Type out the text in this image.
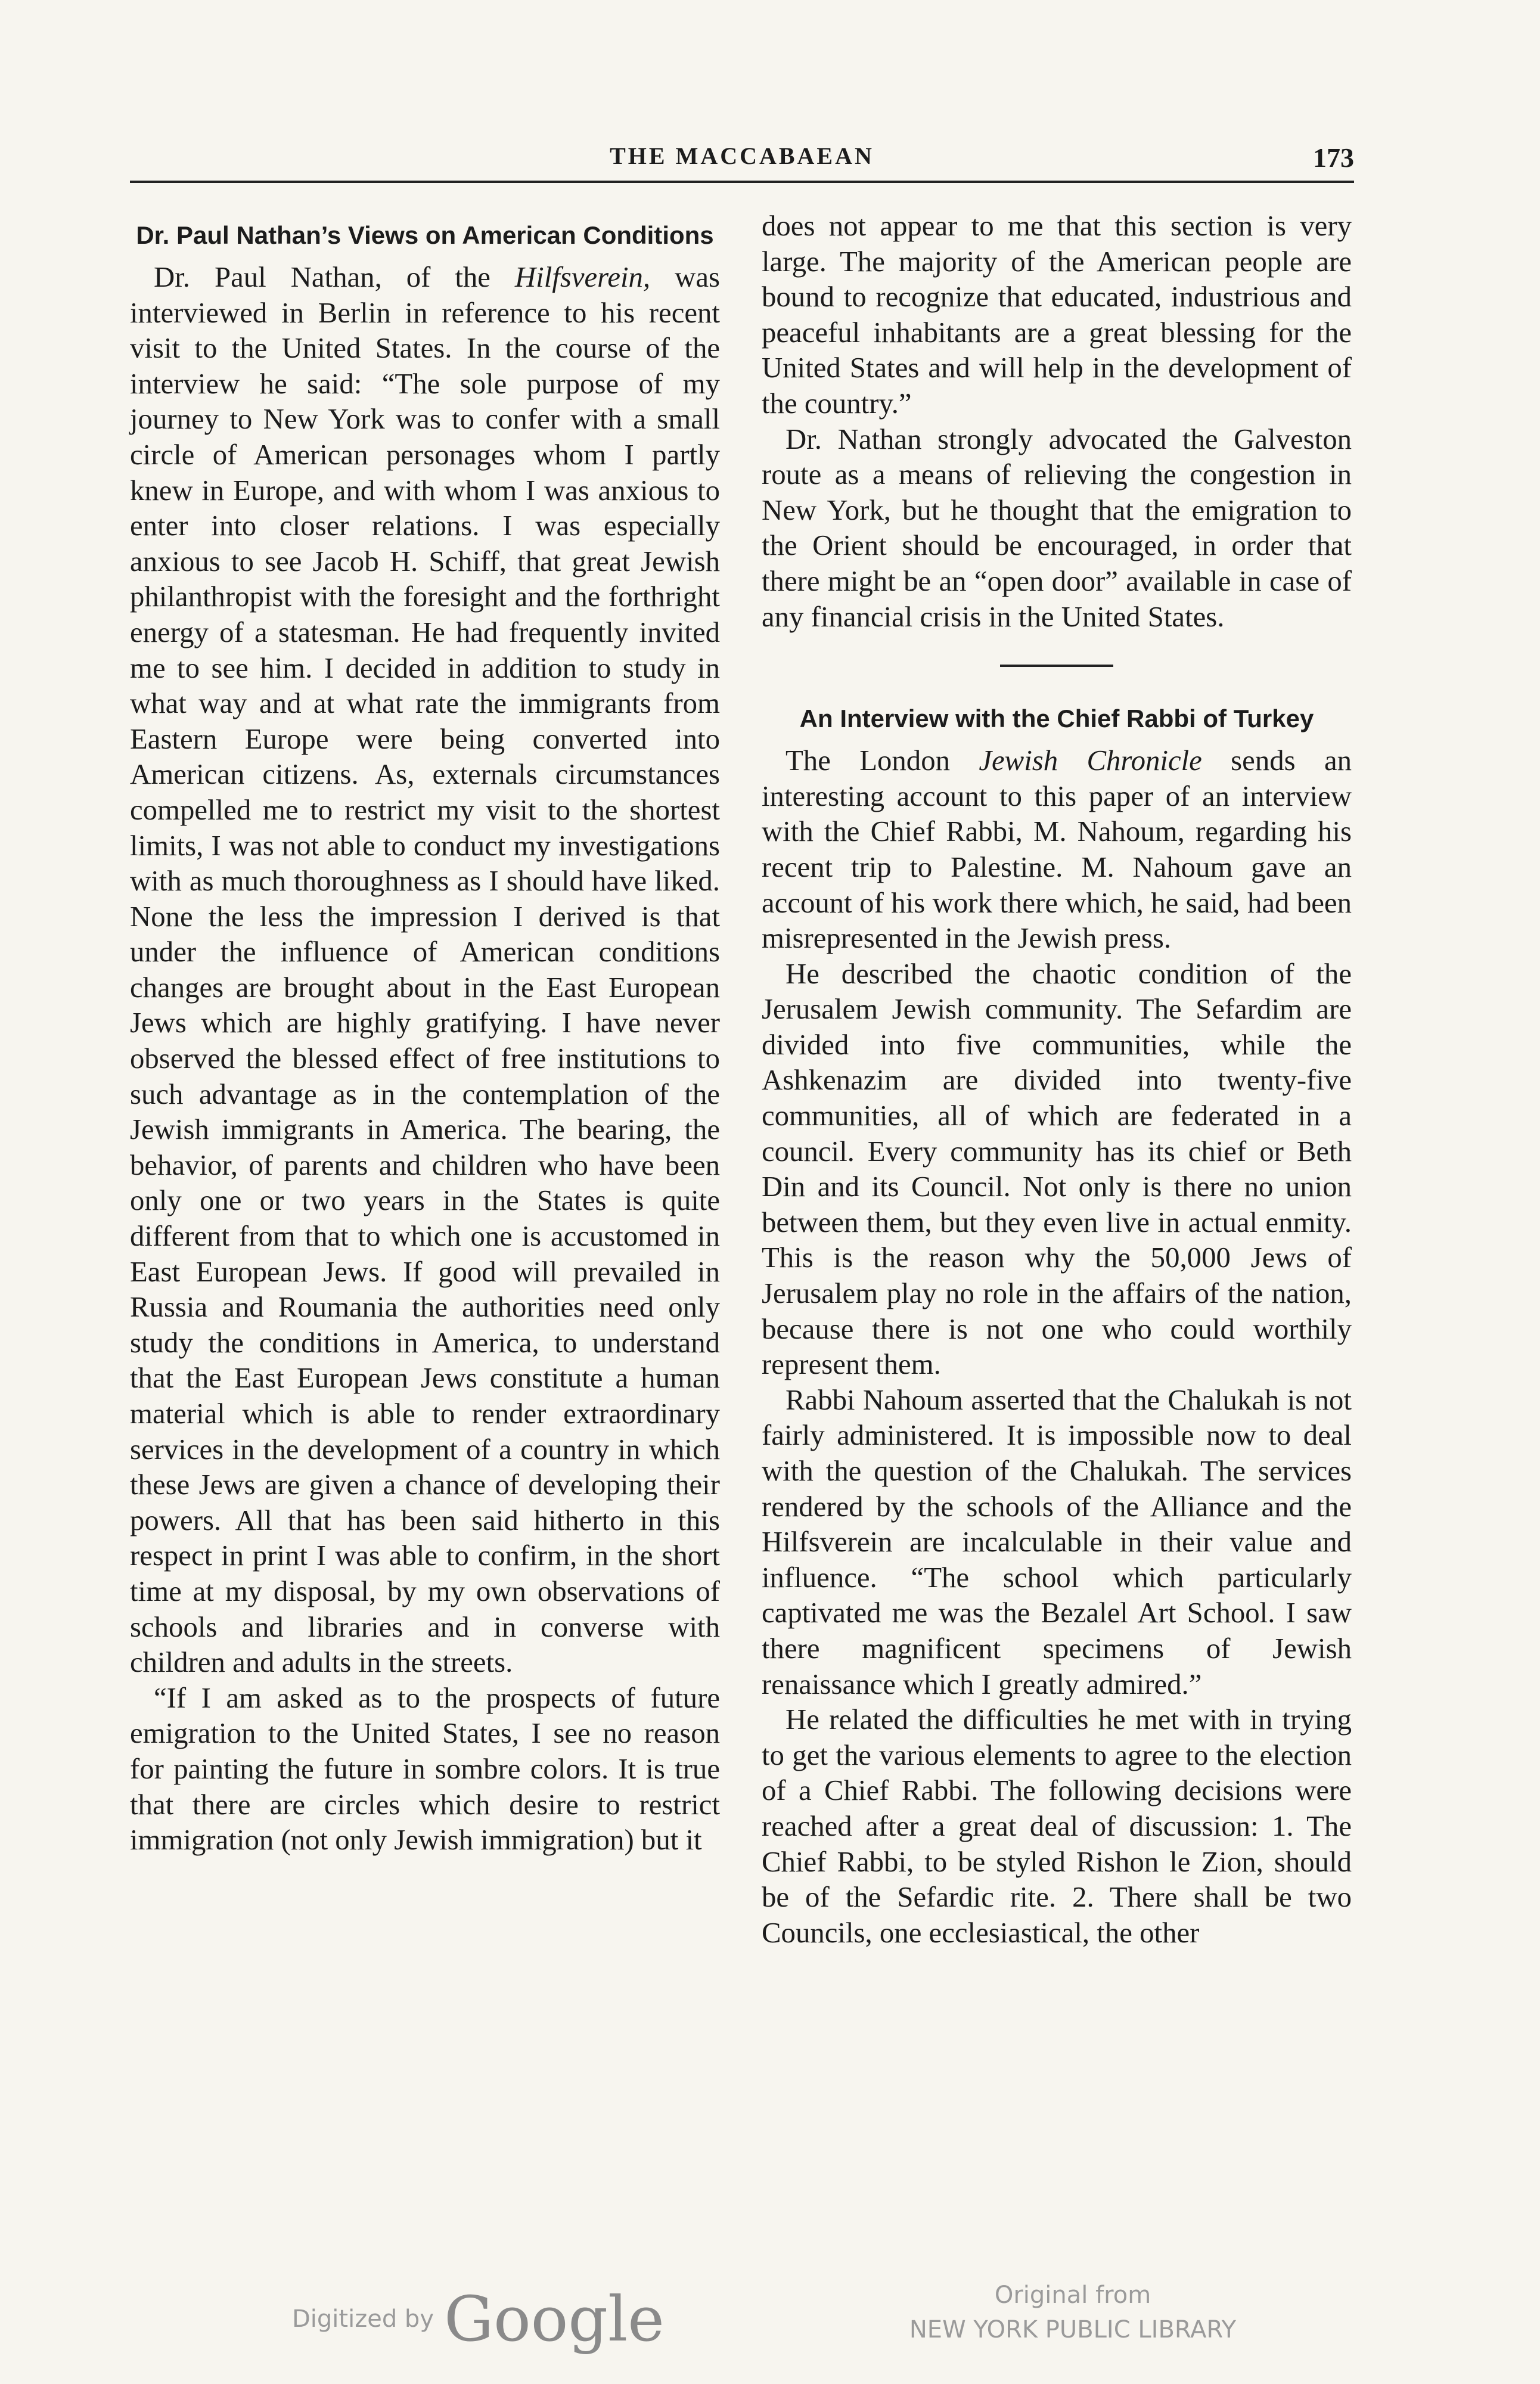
THE MACCABAEAN	173
Dr. Paul Nathan’s Views on American Conditions

Dr. Paul Nathan, of the Hilfsverein, was interviewed in Berlin in reference to his recent visit to the United States. In the course of the interview he said: “The sole purpose of my journey to New York was to confer with a small circle of American personages whom I partly knew in Europe, and with whom I was anxious to enter into closer relations. I was especially anxious to see Jacob H. Schiff, that great Jewish philanthropist with the foresight and the forthright energy of a statesman. He had frequently invited me to see him. I decided in addition to study in what way and at what rate the immigrants from Eastern Europe were being converted into American citizens. As, externals circumstances compelled me to restrict my visit to the shortest limits, I was not able to conduct my investigations with as much thoroughness as I should have liked. None the less the impression I derived is that under the influence of American conditions changes are brought about in the East European Jews which are highly gratifying. I have never observed the blessed effect of free institutions to such advantage as in the contemplation of the Jewish immigrants in America. The bearing, the behavior, of parents and children who have been only one or two years in the States is quite different from that to which one is accustomed in East European Jews. If good will prevailed in Russia and Roumania the authorities need only study the conditions in America, to understand that the East European Jews constitute a human material which is able to render extraordinary services in the development of a country in which these Jews are given a chance of developing their powers. All that has been said hitherto in this respect in print I was able to confirm, in the short time at my disposal, by my own observations of schools and libraries and in converse with children and adults in the streets.

“If I am asked as to the prospects of future emigration to the United States, I see no reason for painting the future in sombre colors. It is true that there are circles which desire to restrict immigration (not only Jewish immigration) but it

does not appear to me that this section is very large. The majority of the American people are bound to recognize that educated, industrious and peaceful inhabitants are a great blessing for the United States and will help in the development of the country.”

Dr. Nathan strongly advocated the Galveston route as a means of relieving the congestion in New York, but he thought that the emigration to the Orient should be encouraged, in order that there might be an “open door” available in case of any financial crisis in the United States.

An Interview with the Chief Rabbi of Turkey

The London Jewish Chronicle sends an interesting account to this paper of an interview with the Chief Rabbi, M. Nahoum, regarding his recent trip to Palestine. M. Nahoum gave an account of his work there which, he said, had been misrepresented in the Jewish press.

He described the chaotic condition of the Jerusalem Jewish community. The Sefardim are divided into five communities, while the Ashkenazim are divided into twenty-five communities, all of which are federated in a council. Every community has its chief or Beth Din and its Council. Not only is there no union between them, but they even live in actual enmity. This is the reason why the 50,000 Jews of Jerusalem play no role in the affairs of the nation, because there is not one who could worthily represent them.

Rabbi Nahoum asserted that the Chalukah is not fairly administered. It is impossible now to deal with the question of the Chalukah. The services rendered by the schools of the Alliance and the Hilfsverein are incalculable in their value and influence. “The school which particularly captivated me was the Bezalel Art School. I saw there magnificent specimens of Jewish renaissance which I greatly admired.”

He related the difficulties he met with in trying to get the various elements to agree to the election of a Chief Rabbi. The following decisions were reached after a great deal of discussion: 1. The Chief Rabbi, to be styled Rishon le Zion, should be of the Sefardic rite. 2. There shall be two Councils, one ecclesiastical, the other

Digitized by Google	Original from
NEW YORK PUBLIC LIBRARY
